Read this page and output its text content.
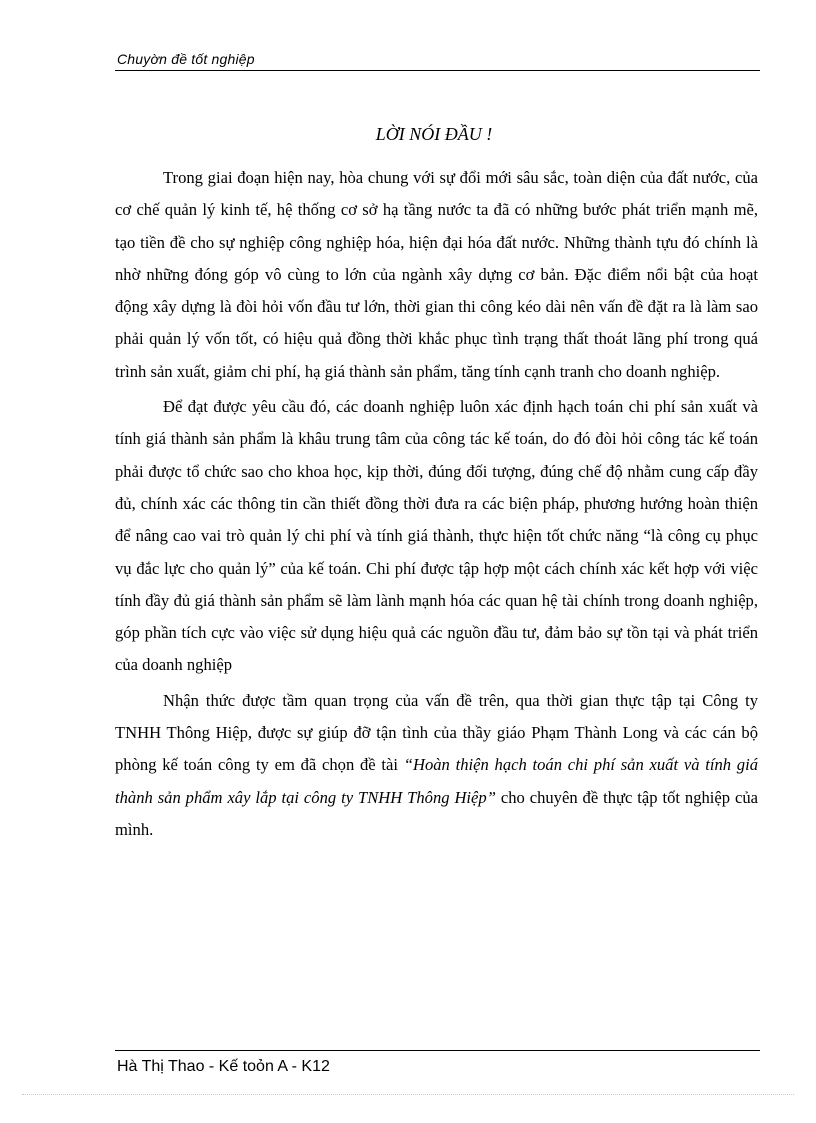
Chuyờn đề tốt nghiệp
LỜI NÓI ĐẦU !

Trong giai đoạn hiện nay, hòa chung với sự đổi mới sâu sắc, toàn diện của đất nước, của cơ chế quản lý kinh tế, hệ thống cơ sở hạ tầng nước ta đã có những bước phát triển mạnh mẽ, tạo tiền đề cho sự nghiệp công nghiệp hóa, hiện đại hóa đất nước. Những thành tựu đó chính là nhờ những đóng góp vô cùng to lớn của ngành xây dựng cơ bản. Đặc điểm nổi bật của hoạt động xây dựng là đòi hỏi vốn đầu tư lớn, thời gian thi công kéo dài nên vấn đề đặt ra là làm sao phải quản lý vốn tốt, có hiệu quả đồng thời khắc phục tình trạng thất thoát lãng phí trong quá trình sản xuất, giảm chi phí, hạ giá thành sản phẩm, tăng tính cạnh tranh cho doanh nghiệp.

Để đạt được yêu cầu đó, các doanh nghiệp luôn xác định hạch toán chi phí sản xuất và tính giá thành sản phẩm là khâu trung tâm của công tác kế toán, do đó đòi hỏi công tác kế toán phải được tổ chức sao cho khoa học, kịp thời, đúng đối tượng, đúng chế độ nhằm cung cấp đầy đủ, chính xác các thông tin cần thiết đồng thời đưa ra các biện pháp, phương hướng hoàn thiện để nâng cao vai trò quản lý chi phí và tính giá thành, thực hiện tốt chức năng “là công cụ phục vụ đắc lực cho quản lý” của kế toán. Chi phí được tập hợp một cách chính xác kết hợp với việc tính đầy đủ giá thành sản phẩm sẽ làm lành mạnh hóa các quan hệ tài chính trong doanh nghiệp, góp phần tích cực vào việc sử dụng hiệu quả các nguồn đầu tư, đảm bảo sự tồn tại và phát triển của doanh nghiệp

Nhận thức được tầm quan trọng của vấn đề trên, qua thời gian thực tập tại Công ty TNHH Thông Hiệp, được sự giúp đỡ tận tình của thầy giáo Phạm Thành Long và các cán bộ phòng kế toán công ty em đã chọn đề tài “Hoàn thiện hạch toán chi phí sản xuất và tính giá thành sản phẩm xây lắp tại công ty TNHH Thông Hiệp” cho chuyên đề thực tập tốt nghiệp của mình.

Hà Thị Thao - Kế toỏn A - K12
